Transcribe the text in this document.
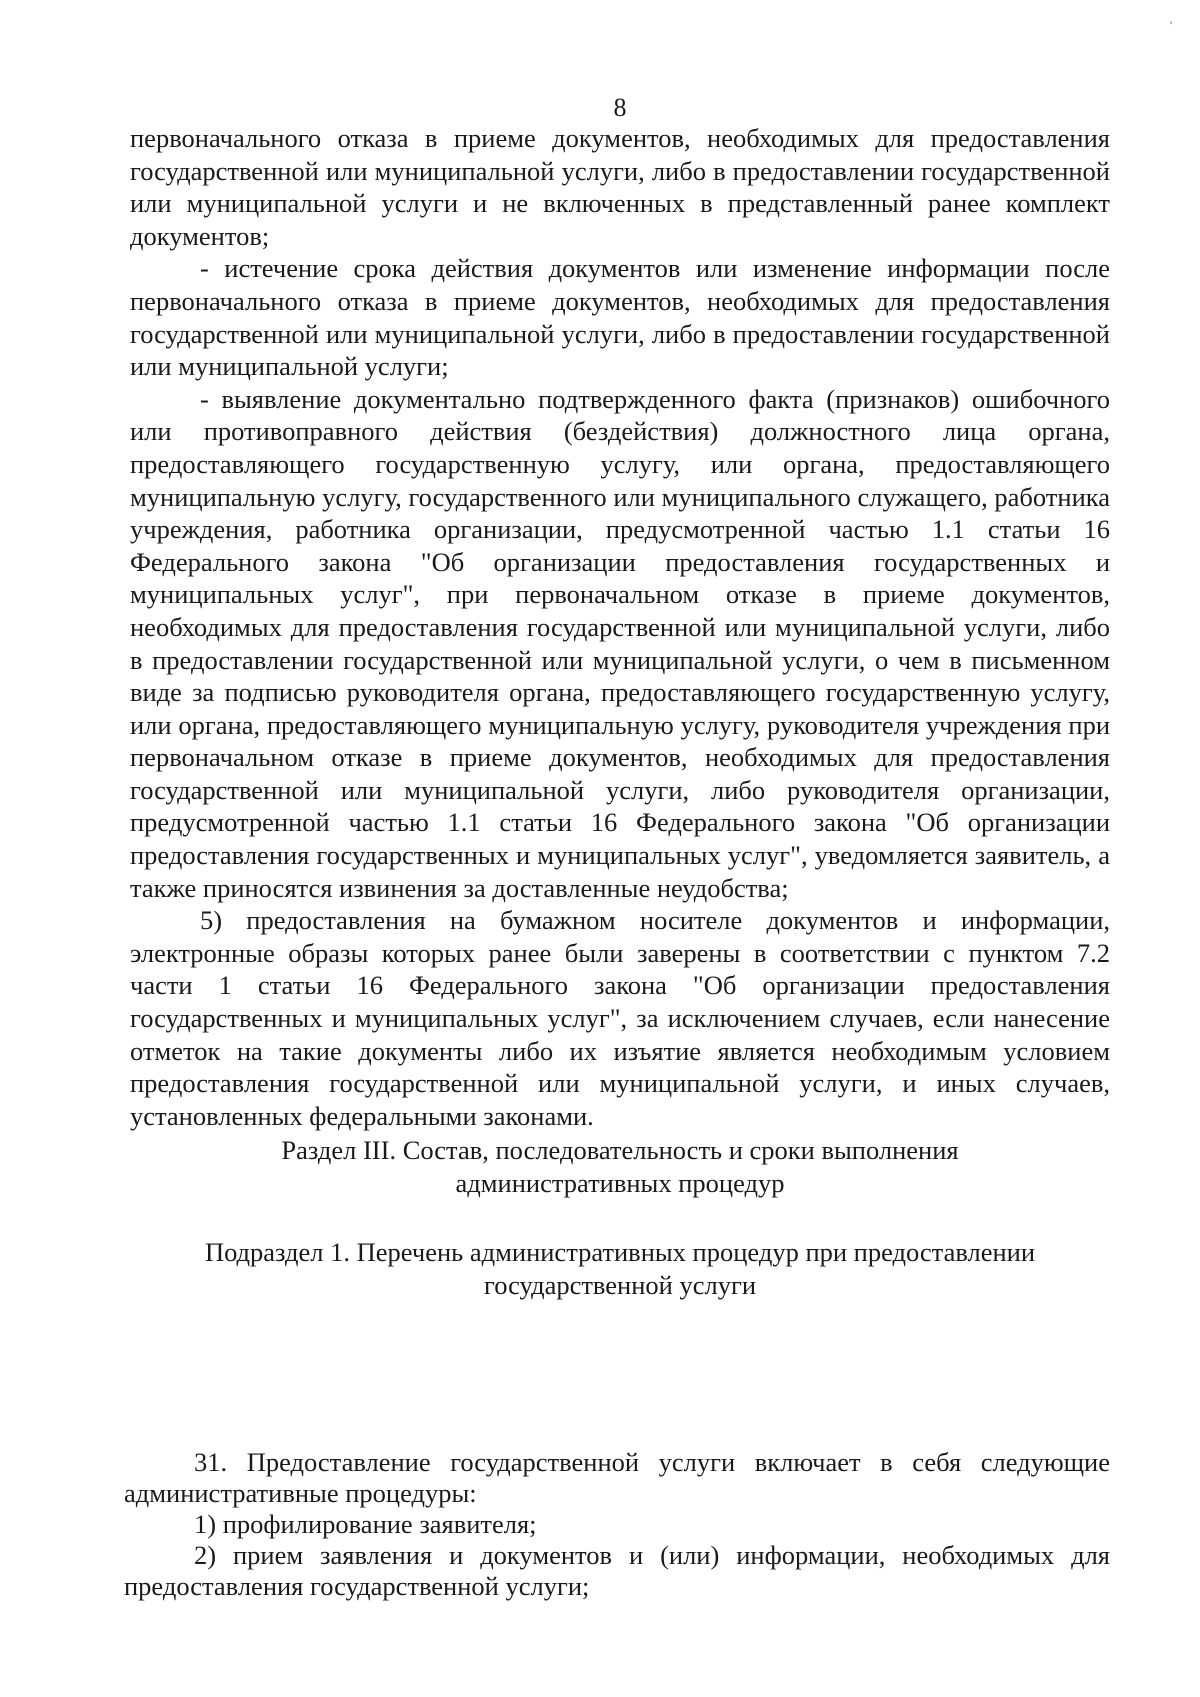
'
8

первоначального отказа в приеме документов, необходимых для предоставления государственной или муниципальной услуги, либо в предоставлении государственной или муниципальной услуги и не включенных в представленный ранее комплект документов;

- истечение срока действия документов или изменение информации после первоначального отказа в приеме документов, необходимых для предоставления государственной или муниципальной услуги, либо в предоставлении государственной или муниципальной услуги;

- выявление документально подтвержденного факта (признаков) ошибочного или противоправного действия (бездействия) должностного лица органа, предоставляющего государственную услугу, или органа, предоставляющего муниципальную услугу, государственного или муниципального служащего, работника учреждения, работника организации, предусмотренной частью 1.1 статьи 16 Федерального закона "Об организации предоставления государственных и муниципальных услуг", при первоначальном отказе в приеме документов, необходимых для предоставления государственной или муниципальной услуги, либо в предоставлении государственной или муниципальной услуги, о чем в письменном виде за подписью руководителя органа, предоставляющего государственную услугу, или органа, предоставляющего муниципальную услугу, руководителя учреждения при первоначальном отказе в приеме документов, необходимых для предоставления государственной или муниципальной услуги, либо руководителя организации, предусмотренной частью 1.1 статьи 16 Федерального закона "Об организации предоставления государственных и муниципальных услуг", уведомляется заявитель, а также приносятся извинения за доставленные неудобства;

5) предоставления на бумажном носителе документов и информации, электронные образы которых ранее были заверены в соответствии с пунктом 7.2 части 1 статьи 16 Федерального закона "Об организации предоставления государственных и муниципальных услуг", за исключением случаев, если нанесение отметок на такие документы либо их изъятие является необходимым условием предоставления государственной или муниципальной услуги, и иных случаев, установленных федеральными законами.

Раздел III. Состав, последовательность и сроки выполнения

административных процедур

Подраздел 1. Перечень административных процедур при предоставлении

государственной услуги

31. Предоставление государственной услуги включает в себя следующие административные процедуры:

1) профилирование заявителя;

2) прием заявления и документов и (или) информации, необходимых для предоставления государственной услуги;
